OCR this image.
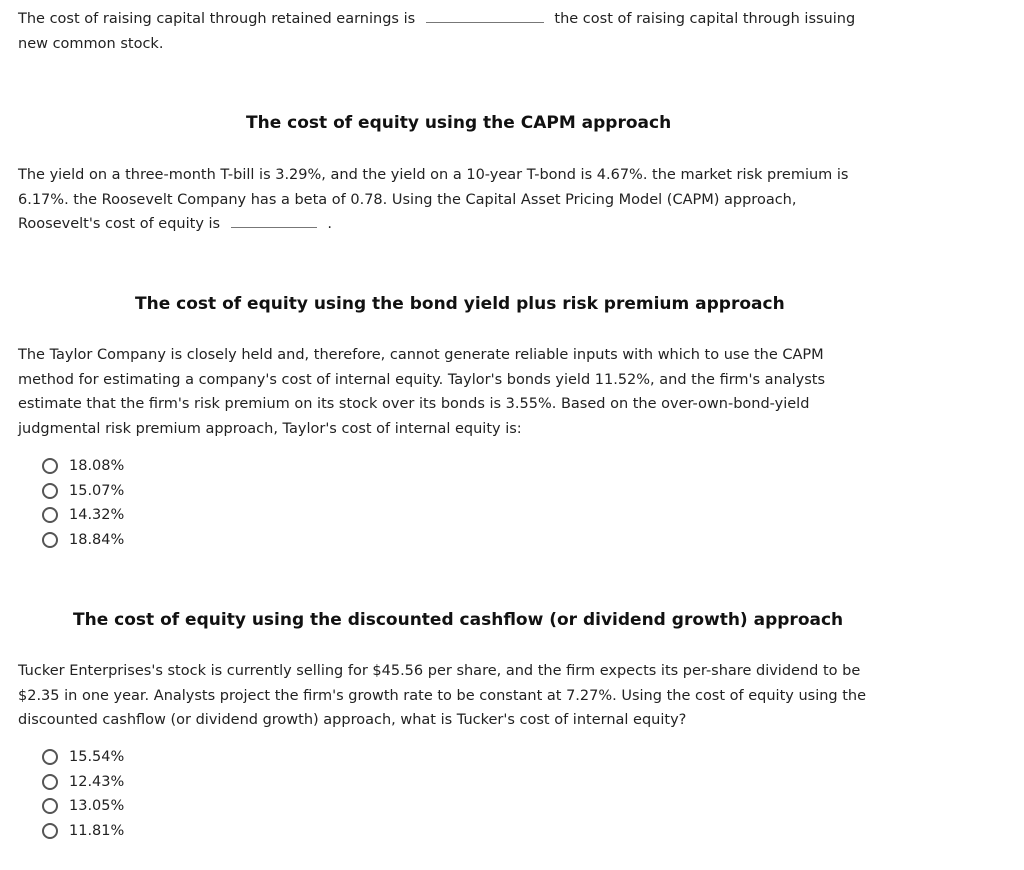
The cost of raising capital through retained earnings is	the cost of raising capital through issuing
new common stock.

The cost of equity using the CAPM approach

The yield on a three-month T-bill is 3.29%, and the yield on a 10-year T-bond is 4.67%. the market risk premium is
6.17%. the Roosevelt Company has a beta of 0.78. Using the Capital Asset Pricing Model (CAPM) approach,
Roosevelt's cost of equity is	.

The cost of equity using the bond yield plus risk premium approach

The Taylor Company is closely held and, therefore, cannot generate reliable inputs with which to use the CAPM
method for estimating a company's cost of internal equity. Taylor's bonds yield 11.52%, and the firm's analysts
estimate that the firm's risk premium on its stock over its bonds is 3.55%. Based on the over-own-bond-yield
judgmental risk premium approach, Taylor's cost of internal equity is:

18.08%
15.07%
14.32%
18.84%
The cost of equity using the discounted cashflow (or dividend growth) approach

Tucker Enterprises's stock is currently selling for $45.56 per share, and the firm expects its per-share dividend to be
$2.35 in one year. Analysts project the firm's growth rate to be constant at 7.27%. Using the cost of equity using the
discounted cashflow (or dividend growth) approach, what is Tucker's cost of internal equity?

15.54%
12.43%
13.05%
11.81%
